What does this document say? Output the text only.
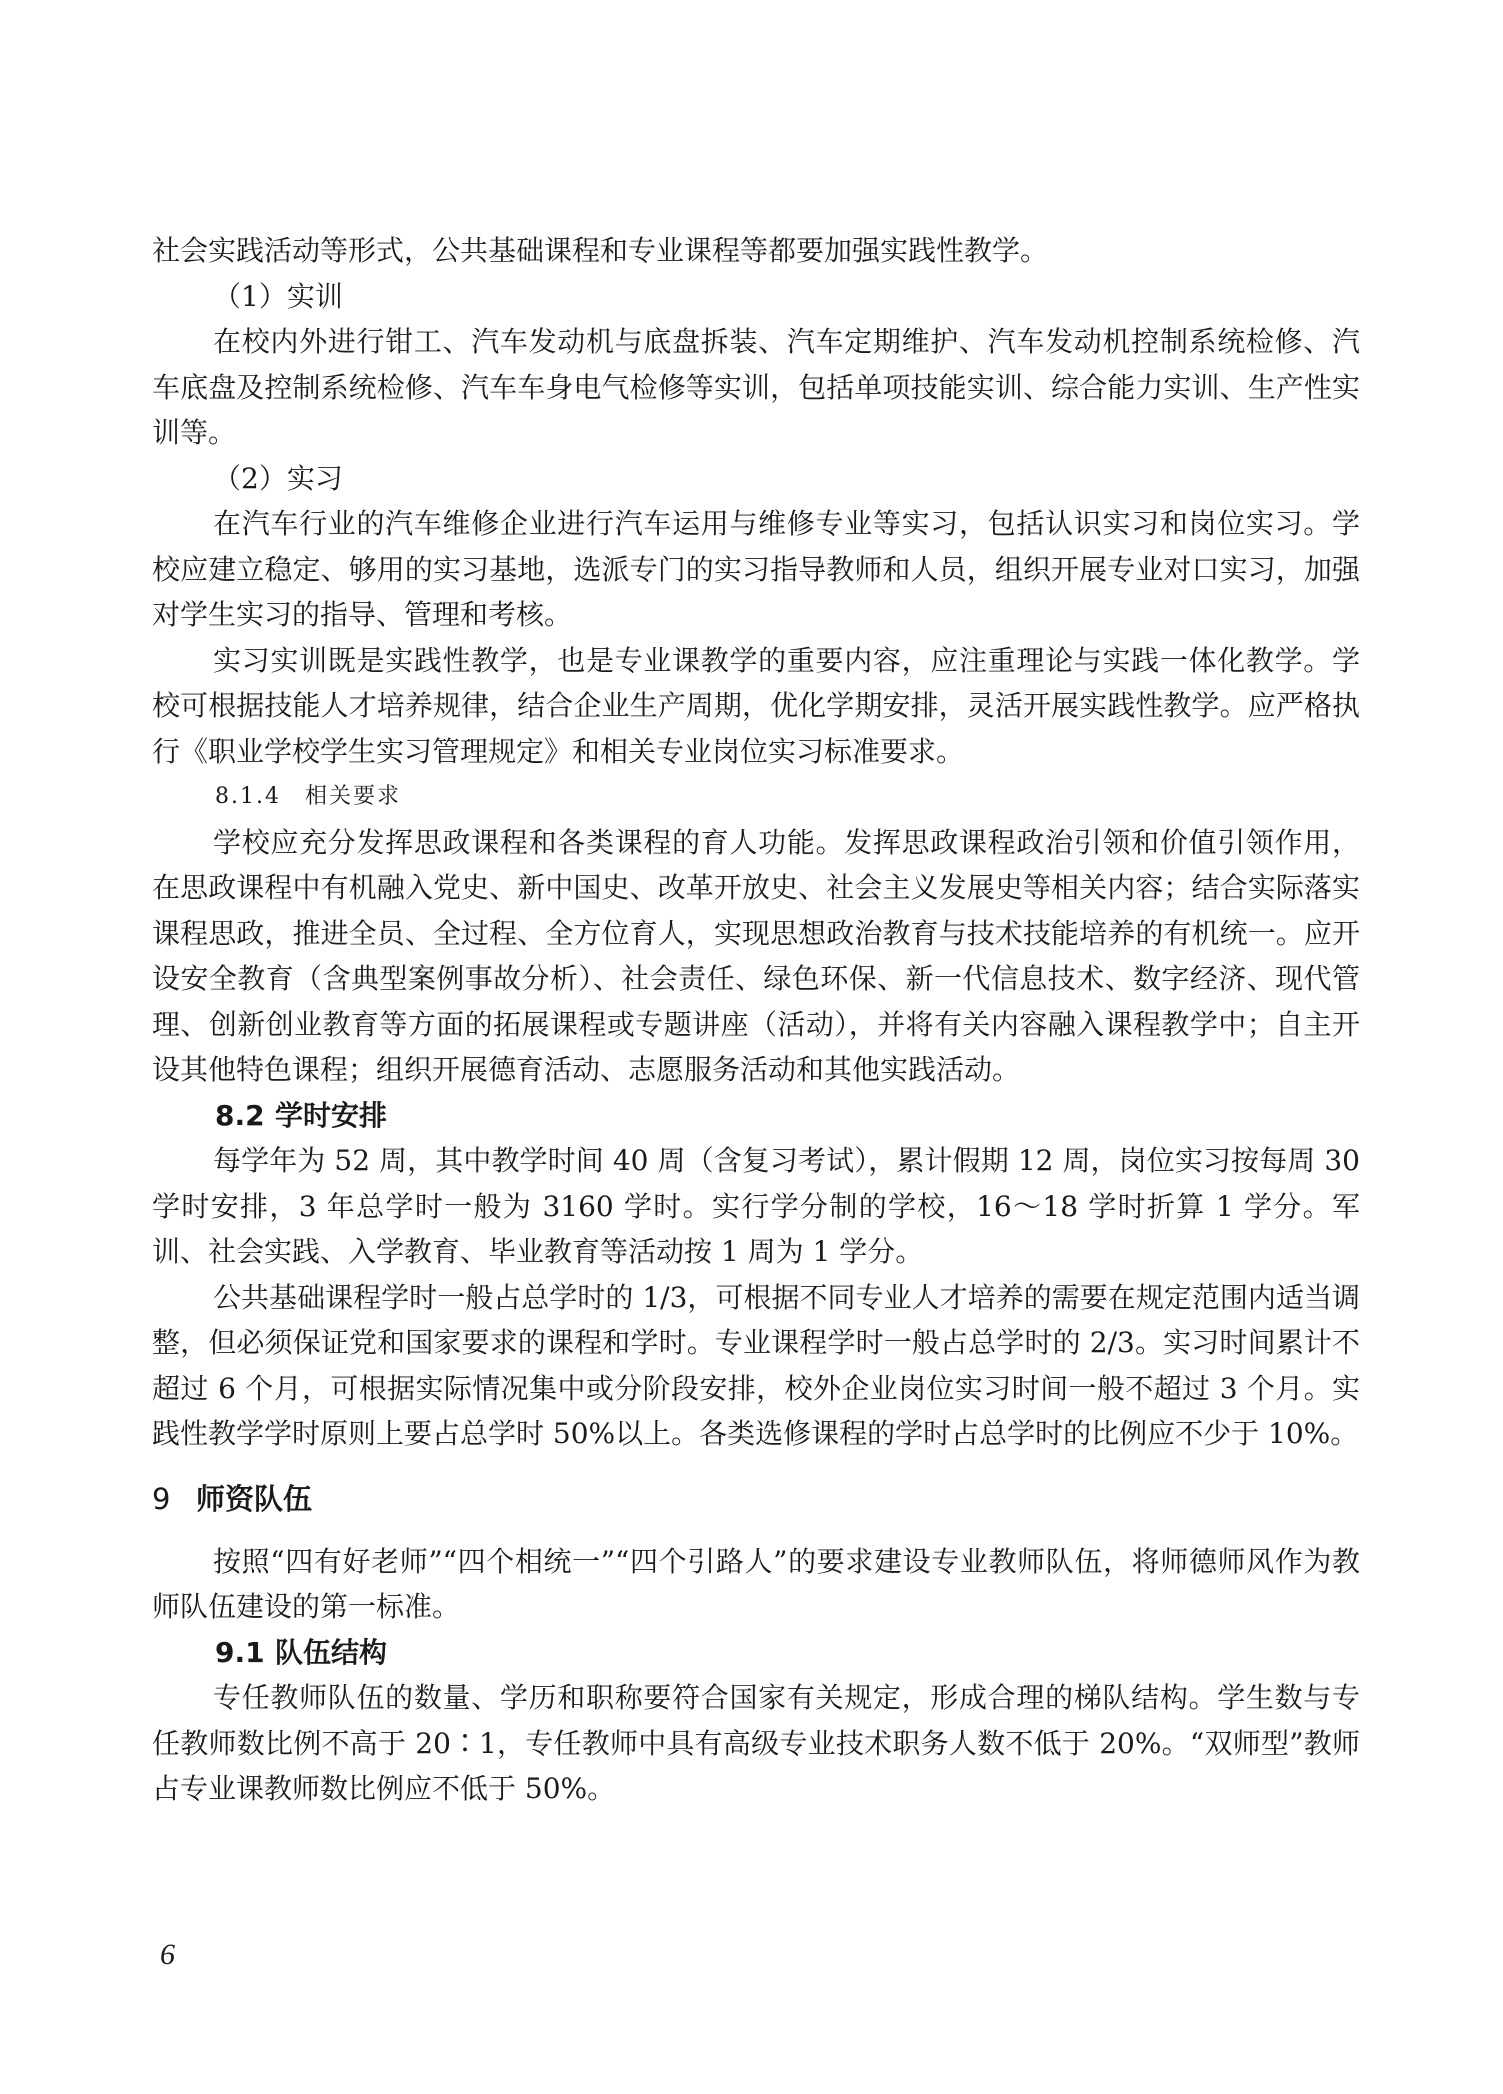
社会实践活动等形式，公共基础课程和专业课程等都要加强实践性教学。

（1）实训

在校内外进行钳工、汽车发动机与底盘拆装、汽车定期维护、汽车发动机控制系统检修、汽车底盘及控制系统检修、汽车车身电气检修等实训，包括单项技能实训、综合能力实训、生产性实训等。

（2）实习

在汽车行业的汽车维修企业进行汽车运用与维修专业等实习，包括认识实习和岗位实习。学校应建立稳定、够用的实习基地，选派专门的实习指导教师和人员，组织开展专业对口实习，加强对学生实习的指导、管理和考核。

实习实训既是实践性教学，也是专业课教学的重要内容，应注重理论与实践一体化教学。学校可根据技能人才培养规律，结合企业生产周期，优化学期安排，灵活开展实践性教学。应严格执行《职业学校学生实习管理规定》和相关专业岗位实习标准要求。

8.1.4　相关要求

学校应充分发挥思政课程和各类课程的育人功能。发挥思政课程政治引领和价值引领作用，在思政课程中有机融入党史、新中国史、改革开放史、社会主义发展史等相关内容；结合实际落实课程思政，推进全员、全过程、全方位育人，实现思想政治教育与技术技能培养的有机统一。应开设安全教育（含典型案例事故分析）、社会责任、绿色环保、新一代信息技术、数字经济、现代管理、创新创业教育等方面的拓展课程或专题讲座（活动），并将有关内容融入课程教学中；自主开设其他特色课程；组织开展德育活动、志愿服务活动和其他实践活动。

8.2 学时安排

每学年为 52 周，其中教学时间 40 周（含复习考试），累计假期 12 周，岗位实习按每周 30 学时安排，3 年总学时一般为 3160 学时。实行学分制的学校，16～18 学时折算 1 学分。军训、社会实践、入学教育、毕业教育等活动按 1 周为 1 学分。

公共基础课程学时一般占总学时的 1/3，可根据不同专业人才培养的需要在规定范围内适当调整，但必须保证党和国家要求的课程和学时。专业课程学时一般占总学时的 2/3。实习时间累计不超过 6 个月，可根据实际情况集中或分阶段安排，校外企业岗位实习时间一般不超过 3 个月。实践性教学学时原则上要占总学时 50%以上。各类选修课程的学时占总学时的比例应不少于 10%。

9 师资队伍

按照“四有好老师”“四个相统一”“四个引路人”的要求建设专业教师队伍，将师德师风作为教师队伍建设的第一标准。

9.1 队伍结构

专任教师队伍的数量、学历和职称要符合国家有关规定，形成合理的梯队结构。学生数与专任教师数比例不高于 20∶1，专任教师中具有高级专业技术职务人数不低于 20%。“双师型”教师占专业课教师数比例应不低于 50%。

6
